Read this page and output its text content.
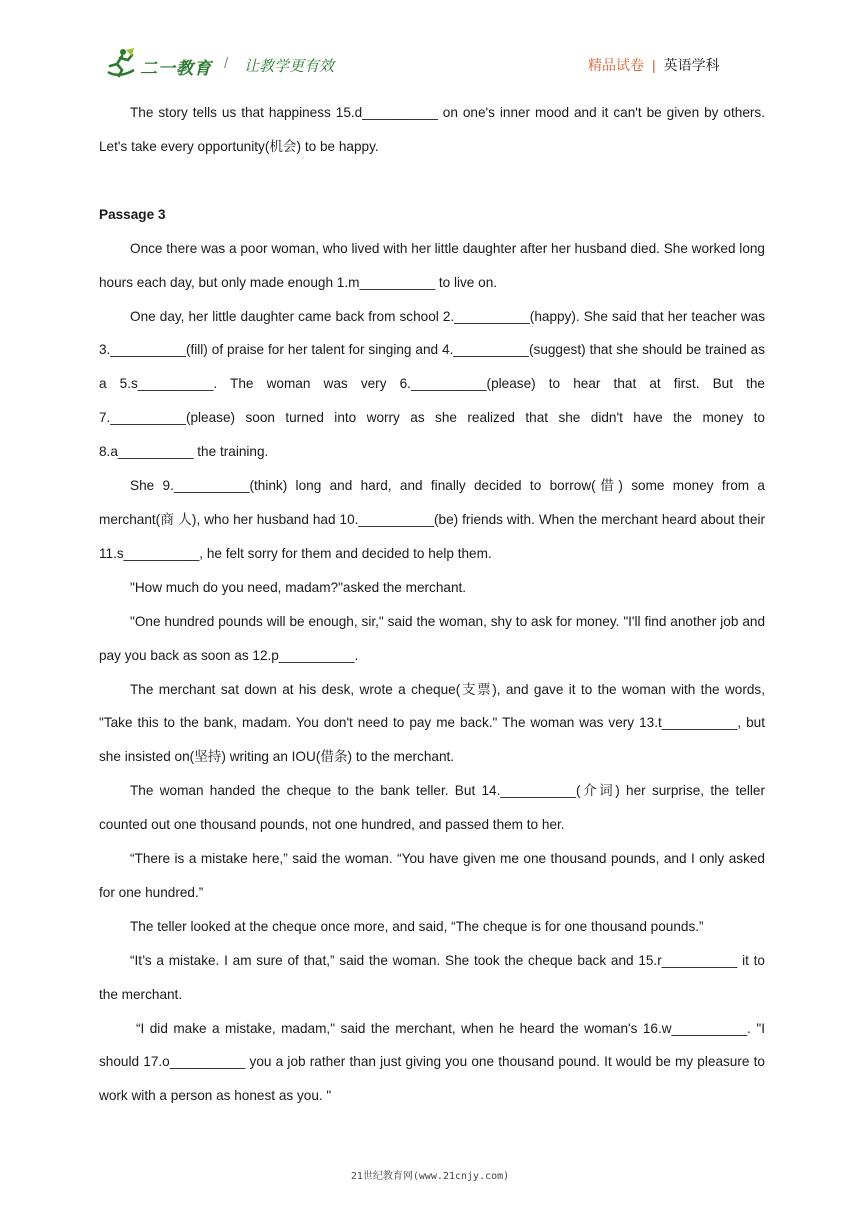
二一教育 / 让教学更有效	精品试卷 | 英语学科

The story tells us that happiness 15.d__________ on one's inner mood and it can't be given by others. Let's take every opportunity(机会) to be happy.

Passage 3

Once there was a poor woman, who lived with her little daughter after her husband died. She worked long hours each day, but only made enough 1.m__________ to live on.

One day, her little daughter came back from school 2.__________(happy). She said that her teacher was 3.__________(fill) of praise for her talent for singing and 4.__________(suggest) that she should be trained as a 5.s__________. The woman was very 6.__________(please) to hear that at first. But the 7.__________(please) soon turned into worry as she realized that she didn't have the money to 8.a__________ the training.

She 9.__________(think) long and hard, and finally decided to borrow(借) some money from a merchant(商 人), who her husband had 10.__________(be) friends with. When the merchant heard about their 11.s__________, he felt sorry for them and decided to help them.

"How much do you need, madam?"asked the merchant.

"One hundred pounds will be enough, sir," said the woman, shy to ask for money. "I'll find another job and pay you back as soon as 12.p__________.

The merchant sat down at his desk, wrote a cheque(支票), and gave it to the woman with the words, "Take this to the bank, madam. You don't need to pay me back." The woman was very 13.t__________, but she insisted on(坚持) writing an IOU(借条) to the merchant.

The woman handed the cheque to the bank teller. But 14.__________(介词) her surprise, the teller counted out one thousand pounds, not one hundred, and passed them to her.

“There is a mistake here,” said the woman. “You have given me one thousand pounds, and I only asked for one hundred.”

The teller looked at the cheque once more, and said, “The cheque is for one thousand pounds.”

“It’s a mistake. I am sure of that,” said the woman. She took the cheque back and 15.r__________ it to the merchant.

“I did make a mistake, madam," said the merchant, when he heard the woman's 16.w__________. "I should 17.o__________ you a job rather than just giving you one thousand pound. It would be my pleasure to work with a person as honest as you. "

21世纪教育网(www.21cnjy.com)
